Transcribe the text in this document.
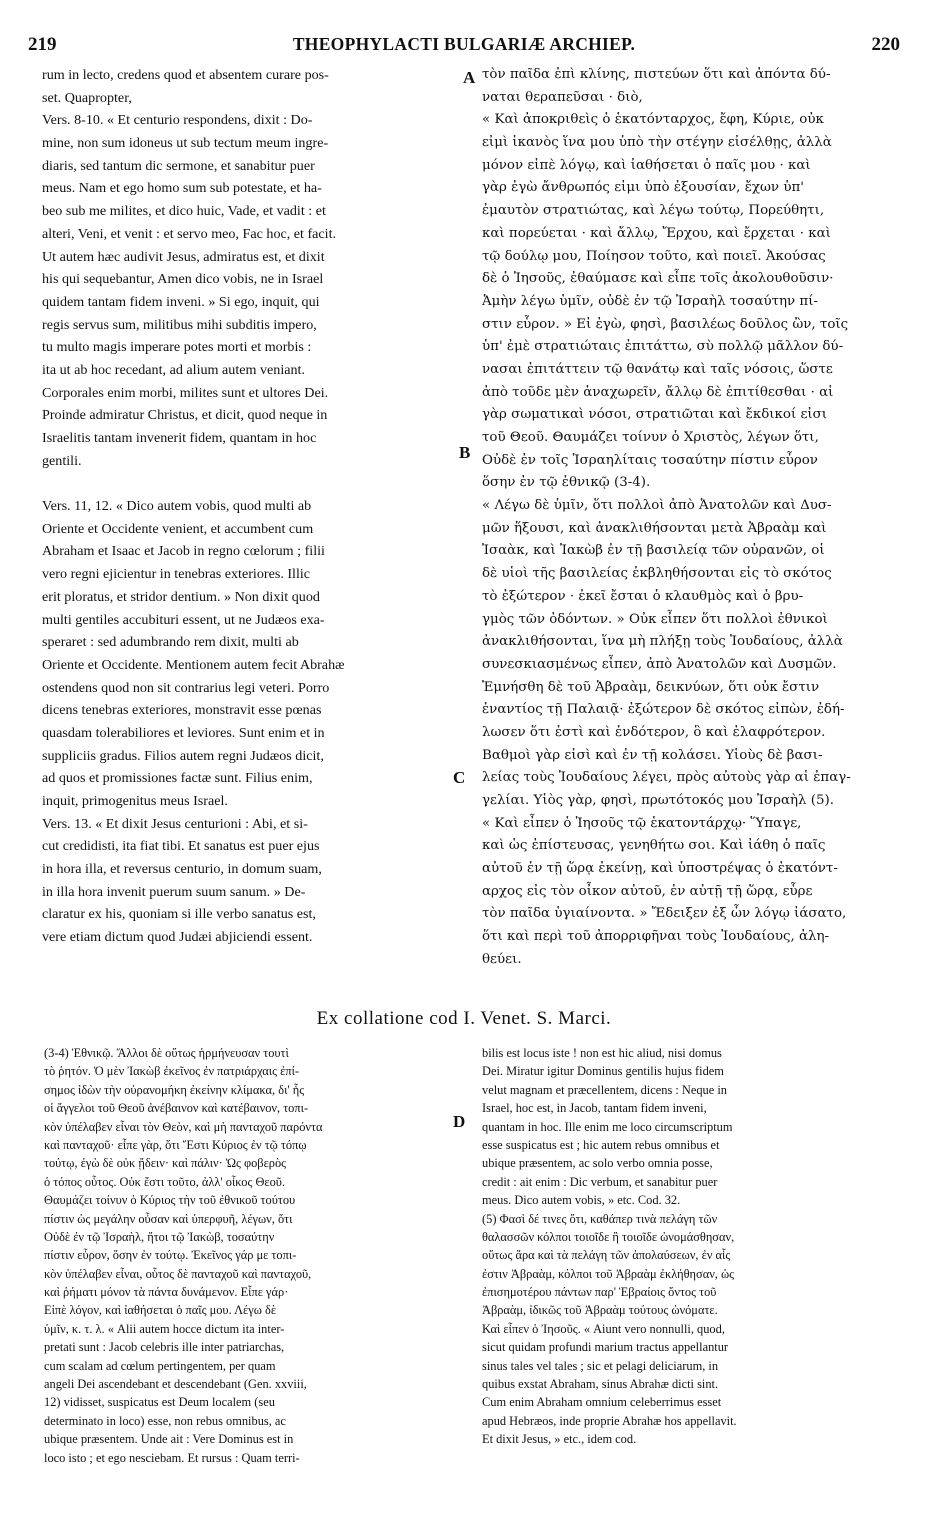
219	THEOPHYLACTI BULGARIÆ ARCHIEP.	220
rum in lecto, credens quod et absentem curare pos-
set. Quapropter,
Vers. 8-10. « Et centurio respondens, dixit : Do-
mine, non sum idoneus ut sub tectum meum ingre-
diaris, sed tantum dic sermone, et sanabitur puer
meus. Nam et ego homo sum sub potestate, et ha-
beo sub me milites, et dico huic, Vade, et vadit : et
alteri, Veni, et venit : et servo meo, Fac hoc, et facit.
Ut autem hæc audivit Jesus, admiratus est, et dixit
his qui sequebantur, Amen dico vobis, ne in Israel
quidem tantam fidem inveni. » Si ego, inquit, qui
regis servus sum, militibus mihi subditis impero,
tu multo magis imperare potes morti et morbis :
ita ut ab hoc recedant, ad alium autem veniant.
Corporales enim morbi, milites sunt et ultores Dei.
Proinde admiratur Christus, et dicit, quod neque in
Israelitis tantam invenerit fidem, quantam in hoc
gentili.
Vers. 11, 12. « Dico autem vobis, quod multi ab
Oriente et Occidente venient, et accumbent cum
Abraham et Isaac et Jacob in regno cœlorum ; filii
vero regni ejicientur in tenebras exteriores. Illic
erit ploratus, et stridor dentium. » Non dixit quod
multi gentiles accubituri essent, ut ne Judæos exa-
speraret : sed adumbrando rem dixit, multi ab
Oriente et Occidente. Mentionem autem fecit Abrahæ
ostendens quod non sit contrarius legi veteri. Porro
dicens tenebras exteriores, monstravit esse pœnas
quasdam tolerabiliores et leviores. Sunt enim et in
suppliciis gradus. Filios autem regni Judæos dicit,
ad quos et promissiones factæ sunt. Filius enim,
inquit, primogenitus meus Israel.
Vers. 13. « Et dixit Jesus centurioni : Abi, et si-
cut credidisti, ita fiat tibi. Et sanatus est puer ejus
in hora illa, et reversus centurio, in domum suam,
in illa hora invenit puerum suum sanum. » De-
claratur ex his, quoniam si ille verbo sanatus est,
vere etiam dictum quod Judæi abjiciendi essent.
τὸν παῖδα ἐπὶ κλίνης, πιστεύων ὅτι καὶ ἀπόντα δύ-
ναται θεραπεῦσαι · διὸ,
« Καὶ ἀποκριθεὶς ὁ ἑκατόνταρχος, ἔφη, Κύριε, οὐκ
εἰμὶ ἱκανὸς ἵνα μου ὑπὸ τὴν στέγην εἰσέλθῃς, ἀλλὰ
μόνον εἰπὲ λόγῳ, καὶ ἰαθήσεται ὁ παῖς μου · καὶ
γὰρ ἐγὼ ἄνθρωπός εἰμι ὑπὸ ἐξουσίαν, ἔχων ὑπ'
ἐμαυτὸν στρατιώτας, καὶ λέγω τούτῳ, Πορεύθητι,
καὶ πορεύεται · καὶ ἄλλῳ, Ἔρχου, καὶ ἔρχεται · καὶ
τῷ δούλῳ μου, Ποίησον τοῦτο, καὶ ποιεῖ. Ἀκούσας
δὲ ὁ Ἰησοῦς, ἐθαύμασε καὶ εἶπε τοῖς ἀκολουθοῦσιν·
Ἀμὴν λέγω ὑμῖν, οὐδὲ ἐν τῷ Ἰσραὴλ τοσαύτην πί-
στιν εὗρον. » Εἰ ἐγὼ, φησὶ, βασιλέως δοῦλος ὢν, τοῖς
ὑπ' ἐμὲ στρατιώταις ἐπιτάττω, σὺ πολλῷ μᾶλλον δύ-
νασαι ἐπιτάττειν τῷ θανάτῳ καὶ ταῖς νόσοις, ὥστε
ἀπὸ τοῦδε μὲν ἀναχωρεῖν, ἄλλῳ δὲ ἐπιτίθεσθαι · αἱ
γὰρ σωματικαὶ νόσοι, στρατιῶται καὶ ἔκδικοί εἰσι
τοῦ Θεοῦ. Θαυμάζει τοίνυν ὁ Χριστὸς, λέγων ὅτι,
Οὐδὲ ἐν τοῖς Ἰσραηλίταις τοσαύτην πίστιν εὗρον
ὅσην ἐν τῷ ἐθνικῷ (3-4).
« Λέγω δὲ ὑμῖν, ὅτι πολλοὶ ἀπὸ Ἀνατολῶν καὶ Δυσ-
μῶν ἥξουσι, καὶ ἀνακλιθήσονται μετὰ Ἀβραὰμ καὶ
Ἰσαὰκ, καὶ Ἰακὼβ ἐν τῇ βασιλείᾳ τῶν οὐρανῶν, οἱ
δὲ υἱοὶ τῆς βασιλείας ἐκβληθήσονται εἰς τὸ σκότος
τὸ ἐξώτερον · ἐκεῖ ἔσται ὁ κλαυθμὸς καὶ ὁ βρυ-
γμὸς τῶν ὀδόντων. » Οὐκ εἶπεν ὅτι πολλοὶ ἐθνικοὶ
ἀνακλιθήσονται, ἵνα μὴ πλήξῃ τοὺς Ἰουδαίους, ἀλλὰ
συνεσκιασμένως εἶπεν, ἀπὸ Ἀνατολῶν καὶ Δυσμῶν.
Ἐμνήσθη δὲ τοῦ Ἀβραὰμ, δεικνύων, ὅτι οὐκ ἔστιν
ἐναντίος τῇ Παλαιᾷ· ἐξώτερον δὲ σκότος εἰπὼν, ἐδή-
λωσεν ὅτι ἐστὶ καὶ ἐνδότερον, ὃ καὶ ἐλαφρότερον.
Βαθμοὶ γὰρ εἰσὶ καὶ ἐν τῇ κολάσει. Υἱοὺς δὲ βασι-
λείας τοὺς Ἰουδαίους λέγει, πρὸς αὐτοὺς γὰρ αἱ ἐπαγ-
γελίαι. Υἱὸς γὰρ, φησὶ, πρωτότοκός μου Ἰσραὴλ (5).
« Καὶ εἶπεν ὁ Ἰησοῦς τῷ ἑκατοντάρχῳ· Ὕπαγε,
καὶ ὡς ἐπίστευσας, γενηθήτω σοι. Καὶ ἰάθη ὁ παῖς
αὐτοῦ ἐν τῇ ὥρᾳ ἐκείνῃ, καὶ ὑποστρέψας ὁ ἑκατόντ-
αρχος εἰς τὸν οἶκον αὐτοῦ, ἐν αὐτῇ τῇ ὥρᾳ, εὗρε
τὸν παῖδα ὑγιαίνοντα. » Ἔδειξεν ἐξ ὧν λόγῳ ἰάσατο,
ὅτι καὶ περὶ τοῦ ἀπορριφῆναι τοὺς Ἰουδαίους, ἀλη-
θεύει.
A
B
C
D
Ex collatione cod I. Venet. S. Marci.
(3-4) Ἐθνικῷ. Ἄλλοι δὲ οὕτως ἡρμήνευσαν τουτὶ
τὸ ῥητόν. Ὁ μὲν Ἰακὼβ ἐκεῖνος ἐν πατριάρχαις ἐπί-
σημος ἰδὼν τὴν οὐρανομήκη ἐκείνην κλίμακα, δι' ἧς
οἱ ἄγγελοι τοῦ Θεοῦ ἀνέβαινον καὶ κατέβαινον, τοπι-
κὸν ὑπέλαβεν εἶναι τὸν Θεὸν, καὶ μὴ πανταχοῦ παρόντα
καὶ πανταχοῦ· εἶπε γὰρ, ὅτι Ἔστι Κύριος ἐν τῷ τόπῳ
τούτῳ, ἐγὼ δὲ οὐκ ᾔδειν· καὶ πάλιν· Ὡς φοβερὸς
ὁ τόπος οὗτος. Οὐκ ἔστι τοῦτο, ἀλλ' οἶκος Θεοῦ.
Θαυμάζει τοίνυν ὁ Κύριος τὴν τοῦ ἐθνικοῦ τούτου
πίστιν ὡς μεγάλην οὖσαν καὶ ὑπερφυῆ, λέγων, ὅτι
Οὐδὲ ἐν τῷ Ἰσραὴλ, ἤτοι τῷ Ἰακὼβ, τοσαύτην
πίστιν εὗρον, ὅσην ἐν τούτῳ. Ἐκεῖνος γάρ με τοπι-
κὸν ὑπέλαβεν εἶναι, οὗτος δὲ πανταχοῦ καὶ πανταχοῦ,
καὶ ῥήματι μόνον τὰ πάντα δυνάμενον. Εἶπε γάρ·
Εἰπὲ λόγον, καὶ ἰαθήσεται ὁ παῖς μου. Λέγω δὲ
ὑμῖν, κ. τ. λ. « Alii autem hocce dictum ita inter-
pretati sunt : Jacob celebris ille inter patriarchas,
cum scalam ad cœlum pertingentem, per quam
angeli Dei ascendebant et descendebant (Gen. xxviii,
12) vidisset, suspicatus est Deum localem (seu
determinato in loco) esse, non rebus omnibus, ac
ubique præsentem. Unde ait : Vere Dominus est in
loco isto ; et ego nesciebam. Et rursus : Quam terri-
bilis est locus iste ! non est hic aliud, nisi domus
Dei. Miratur igitur Dominus gentilis hujus fidem
velut magnam et præcellentem, dicens : Neque in
Israel, hoc est, in Jacob, tantam fidem inveni,
quantam in hoc. Ille enim me loco circumscriptum
esse suspicatus est ; hic autem rebus omnibus et
ubique præsentem, ac solo verbo omnia posse,
credit : ait enim : Dic verbum, et sanabitur puer
meus. Dico autem vobis, » etc. Cod. 32.
(5) Φασὶ δέ τινες ὅτι, καθάπερ τινὰ πελάγη τῶν
θαλασσῶν κόλποι τοιοῖδε ἢ τοιοῖδε ὠνομάσθησαν,
οὕτως ἄρα καὶ τὰ πελάγη τῶν ἀπολαύσεων, ἐν αἷς
ἐστιν Ἀβραὰμ, κόλποι τοῦ Ἀβραὰμ ἐκλήθησαν, ὡς
ἐπισημοτέρου πάντων παρ' Ἑβραίοις ὄντος τοῦ
Ἀβραὰμ, ἰδικῶς τοῦ Ἀβραὰμ τούτους ὠνόματε.
Καὶ εἶπεν ὁ Ἰησοῦς. « Aiunt vero nonnulli, quod,
sicut quidam profundi marium tractus appellantur
sinus tales vel tales ; sic et pelagi deliciarum, in
quibus exstat Abraham, sinus Abrahæ dicti sint.
Cum enim Abraham omnium celeberrimus esset
apud Hebræos, inde proprie Abrahæ hos appellavit.
Et dixit Jesus, » etc., idem cod.
